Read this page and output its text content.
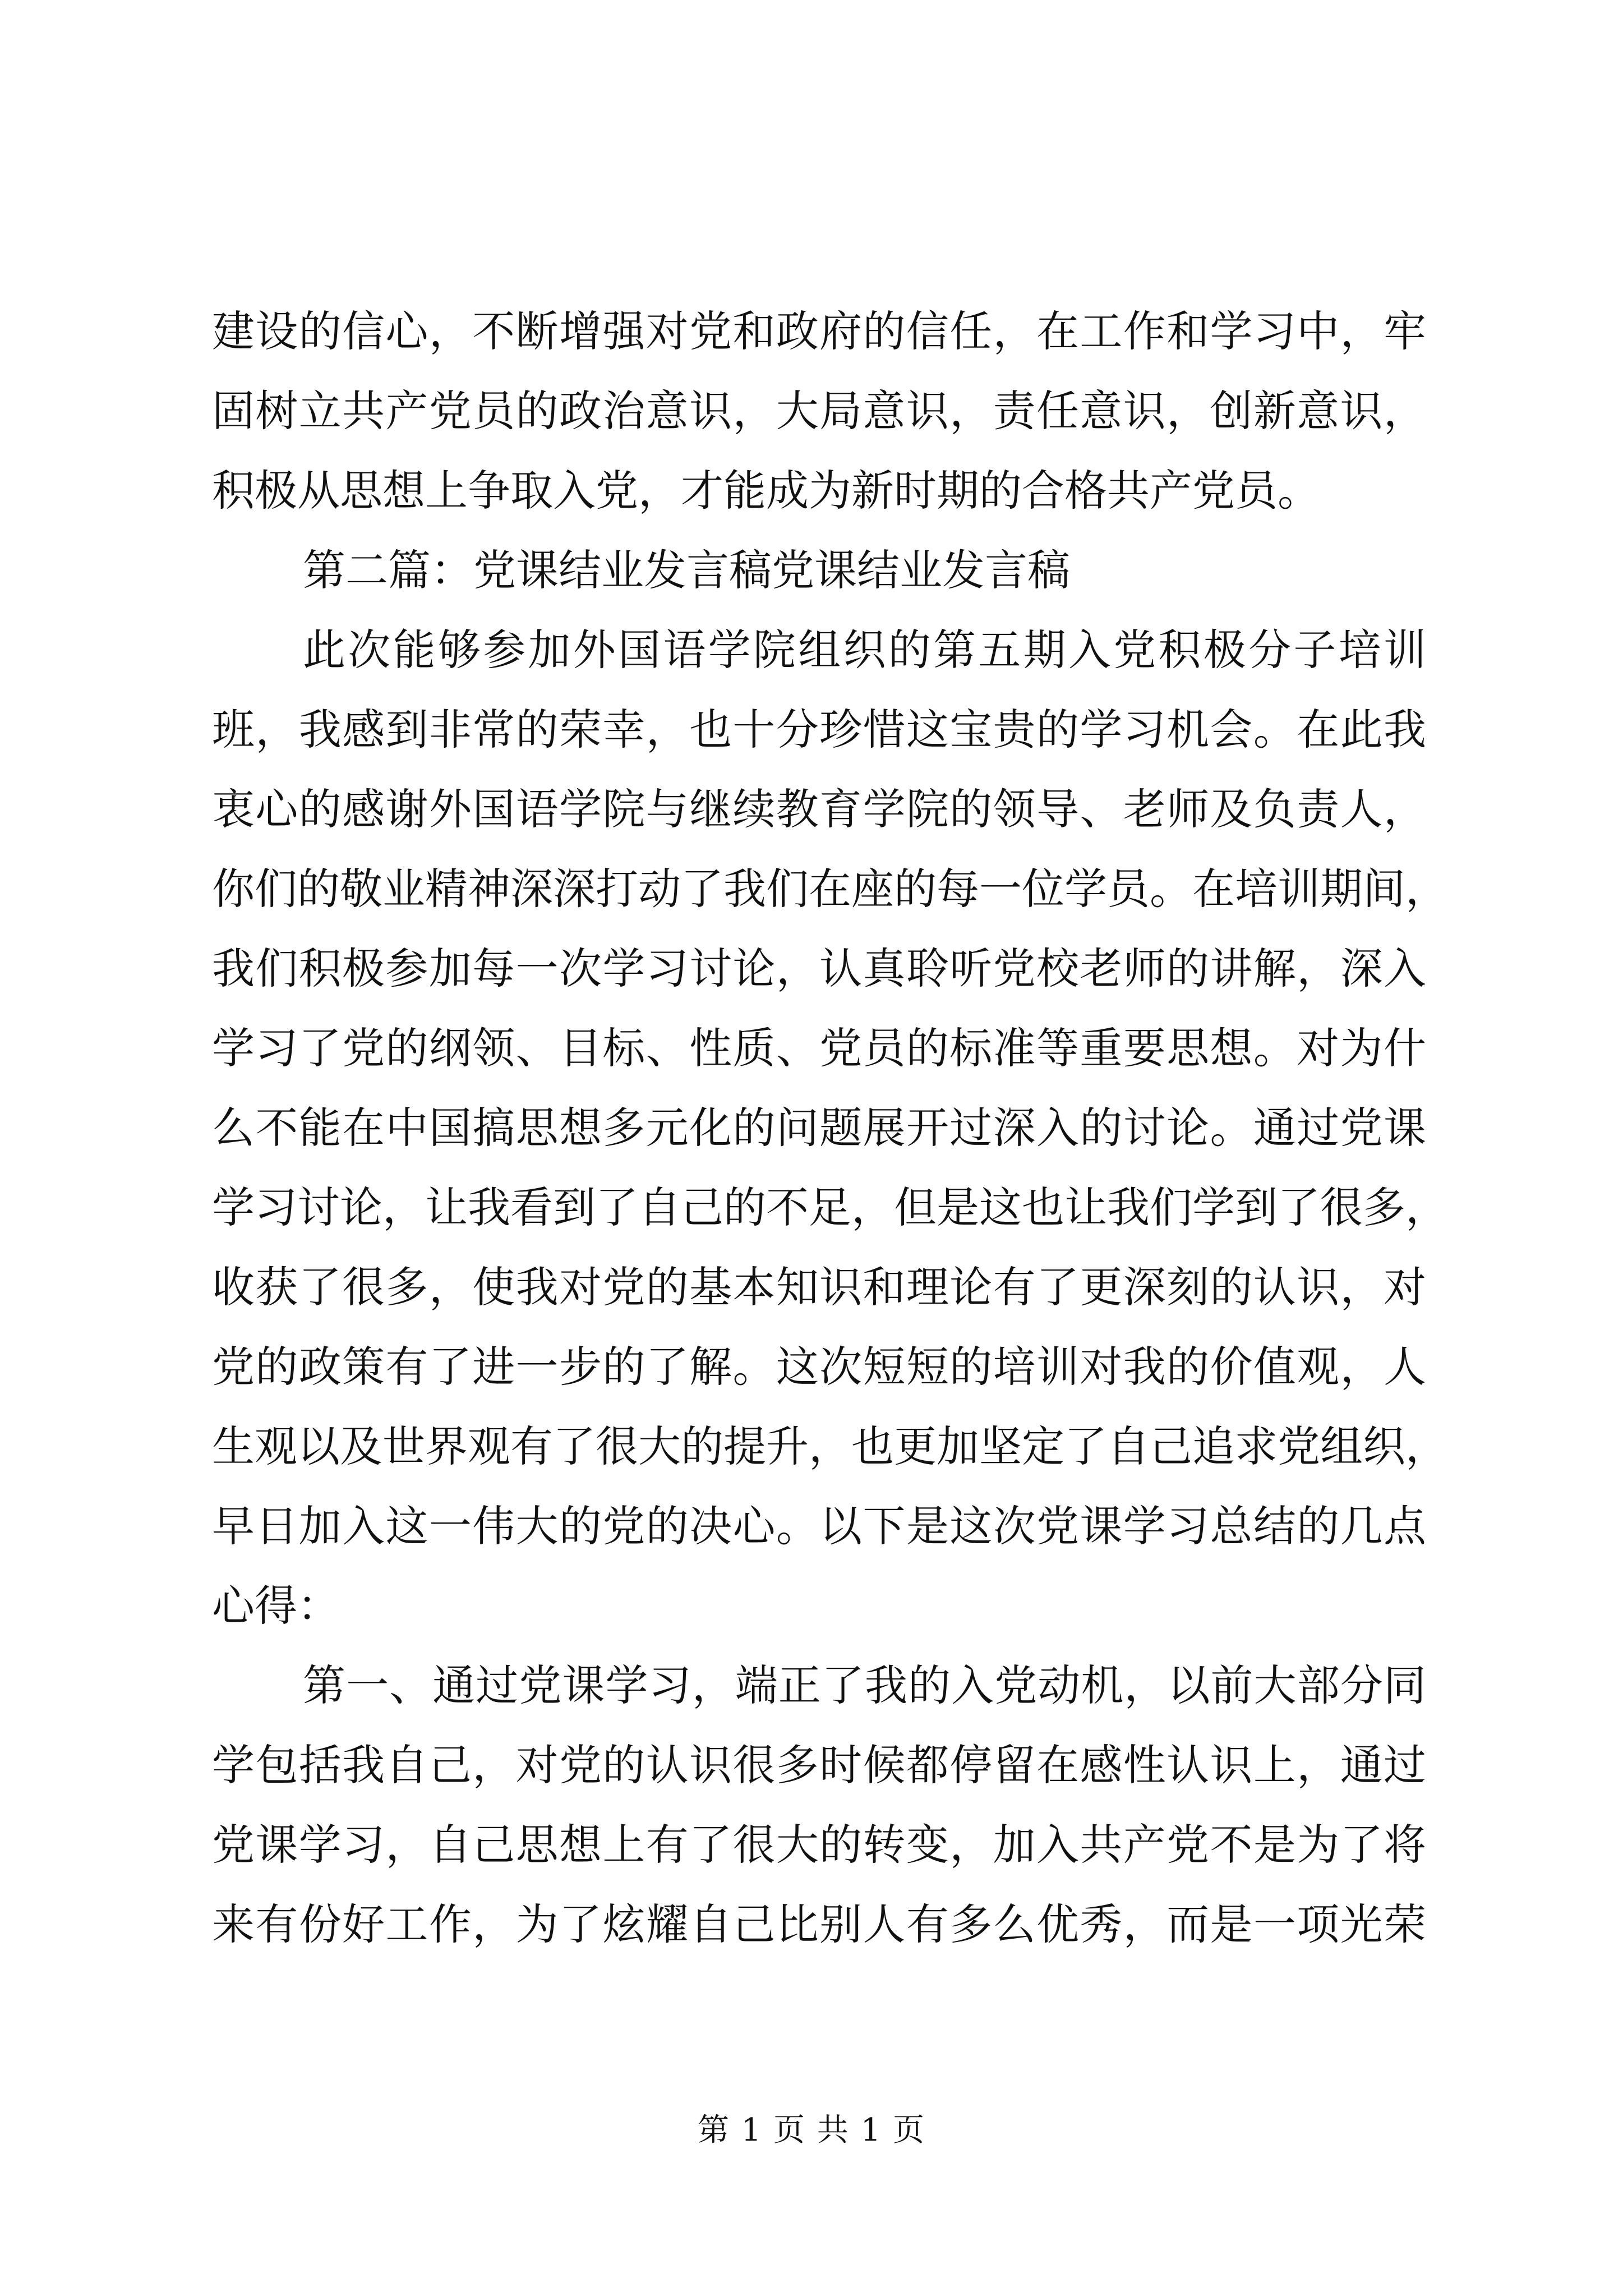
建设的信心，不断增强对党和政府的信任，在工作和学习中，牢
固树立共产党员的政治意识，大局意识，责任意识，创新意识，
积极从思想上争取入党，才能成为新时期的合格共产党员。
第二篇：党课结业发言稿党课结业发言稿
此次能够参加外国语学院组织的第五期入党积极分子培训
班，我感到非常的荣幸，也十分珍惜这宝贵的学习机会。在此我
衷心的感谢外国语学院与继续教育学院的领导、老师及负责人，
你们的敬业精神深深打动了我们在座的每一位学员。在培训期间，
我们积极参加每一次学习讨论，认真聆听党校老师的讲解，深入
学习了党的纲领、目标、性质、党员的标准等重要思想。对为什
么不能在中国搞思想多元化的问题展开过深入的讨论。通过党课
学习讨论，让我看到了自己的不足，但是这也让我们学到了很多，
收获了很多，使我对党的基本知识和理论有了更深刻的认识，对
党的政策有了进一步的了解。这次短短的培训对我的价值观，人
生观以及世界观有了很大的提升，也更加坚定了自己追求党组织，
早日加入这一伟大的党的决心。以下是这次党课学习总结的几点
心得：
第一、通过党课学习，端正了我的入党动机，以前大部分同
学包括我自己，对党的认识很多时候都停留在感性认识上，通过
党课学习，自己思想上有了很大的转变，加入共产党不是为了将
来有份好工作，为了炫耀自己比别人有多么优秀，而是一项光荣
第 1 页 共 1 页
